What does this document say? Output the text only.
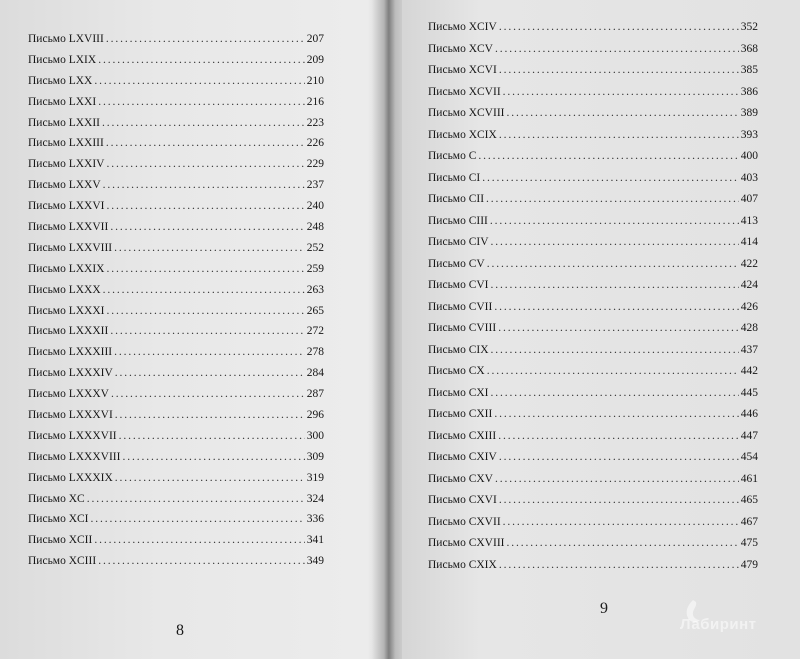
Письмо LXVIII . . .	207
Письмо LXIX . . .	209
Письмо LXX . . .	210
Письмо LXXI . . .	216
Письмо LXXII . . .	223
Письмо LXXIII . . .	226
Письмо LXXIV . . .	229
Письмо LXXV . . .	237
Письмо LXXVI . . .	240
Письмо LXXVII . . .	248
Письмо LXXVIII . . .	252
Письмо LXXIX . . .	259
Письмо LXXX . . .	263
Письмо LXXXI . . .	265
Письмо LXXXII . . .	272
Письмо LXXXIII . . .	278
Письмо LXXXIV . . .	284
Письмо LXXXV . . .	287
Письмо LXXXVI . . .	296
Письмо LXXXVII . . .	300
Письмо LXXXVIII . . .	309
Письмо LXXXIX . . .	319
Письмо XC . . .	324
Письмо XCI . . .	336
Письмо XCII . . .	341
Письмо XCIII . . .	349
8
Письмо XCIV . . .	352
Письмо XCV . . .	368
Письмо XCVI . . .	385
Письмо XCVII . . .	386
Письмо XCVIII . . .	389
Письмо XCIX . . .	393
Письмо C . . .	400
Письмо CI . . .	403
Письмо CII . . .	407
Письмо CIII . . .	413
Письмо CIV . . .	414
Письмо CV . . .	422
Письмо CVI . . .	424
Письмо CVII . . .	426
Письмо CVIII . . .	428
Письмо CIX . . .	437
Письмо CX . . .	442
Письмо CXI . . .	445
Письмо CXII . . .	446
Письмо CXIII . . .	447
Письмо CXIV . . .	454
Письмо CXV . . .	461
Письмо CXVI . . .	465
Письмо CXVII . . .	467
Письмо CXVIII . . .	475
Письмо CXIX . . .	479
9
Лабиринт
